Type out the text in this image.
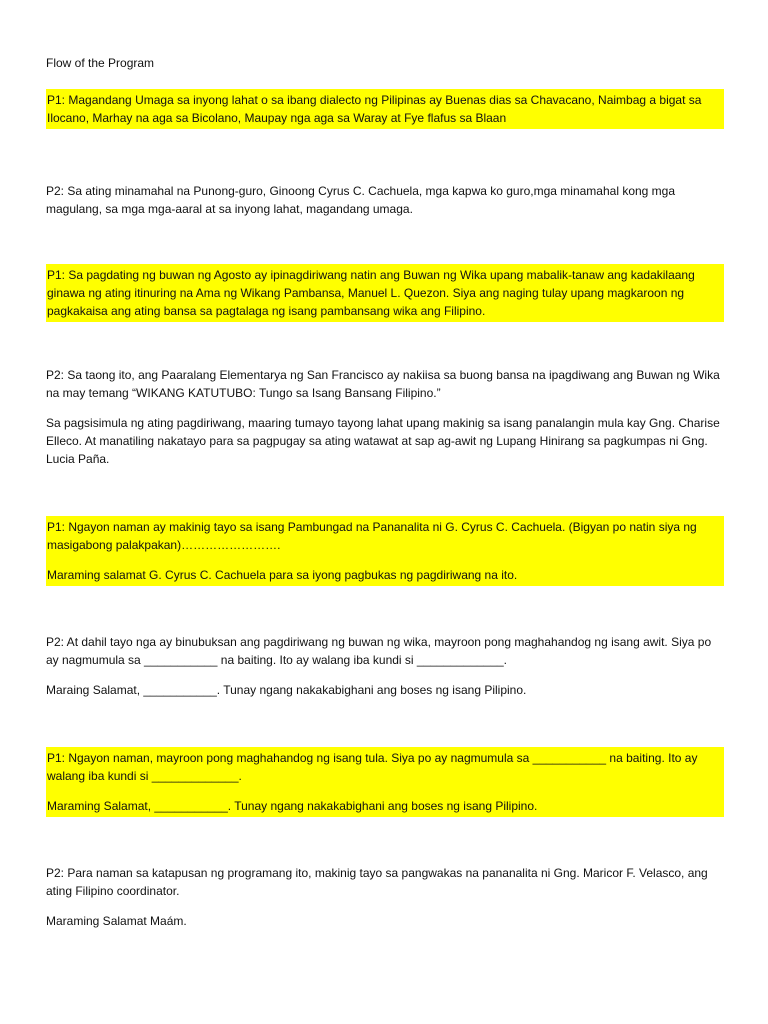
Flow of the Program

P1: Magandang Umaga sa inyong lahat o sa ibang dialecto ng Pilipinas ay Buenas dias sa Chavacano, Naimbag a bigat sa Ilocano, Marhay na aga sa Bicolano, Maupay nga aga sa Waray at Fye flafus sa Blaan

P2: Sa ating minamahal na Punong-guro, Ginoong Cyrus C. Cachuela, mga kapwa ko guro,mga minamahal kong mga magulang, sa mga mga-aaral at sa inyong lahat, magandang umaga.

P1: Sa pagdating ng buwan ng Agosto ay ipinagdiriwang natin ang Buwan ng Wika upang mabalik-tanaw ang kadakilaang ginawa ng ating itinuring na Ama ng Wikang Pambansa, Manuel L. Quezon. Siya ang naging tulay upang magkaroon ng pagkakaisa ang ating bansa sa pagtalaga ng isang pambansang wika ang Filipino.

P2: Sa taong ito, ang Paaralang Elementarya ng San Francisco ay nakiisa sa buong bansa na ipagdiwang ang Buwan ng Wika na may temang “WIKANG KATUTUBO: Tungo sa Isang Bansang Filipino.”

Sa pagsisimula ng ating pagdiriwang, maaring tumayo tayong lahat upang makinig sa isang panalangin mula kay Gng. Charise Elleco. At manatiling nakatayo para sa pagpugay sa ating watawat at sap ag-awit ng Lupang Hinirang sa pagkumpas ni Gng. Lucia Paña.

P1: Ngayon naman ay makinig tayo sa isang Pambungad na Pananalita ni G. Cyrus C. Cachuela. (Bigyan po natin siya ng masigabong palakpakan)…………………….

Maraming salamat G. Cyrus C. Cachuela para sa iyong pagbukas ng pagdiriwang na ito.

P2: At dahil tayo nga ay binubuksan ang pagdiriwang ng buwan ng wika, mayroon pong maghahandog ng isang awit. Siya po ay nagmumula sa ___________ na baiting. Ito ay walang iba kundi si _____________.

Maraing Salamat, ___________. Tunay ngang nakakabighani ang boses ng isang Pilipino.

P1: Ngayon naman, mayroon pong maghahandog ng isang tula. Siya po ay nagmumula sa ___________ na baiting. Ito ay walang iba kundi si _____________.

Maraming Salamat, ___________. Tunay ngang nakakabighani ang boses ng isang Pilipino.

P2: Para naman sa katapusan ng programang ito, makinig tayo sa pangwakas na pananalita ni Gng. Maricor F. Velasco, ang ating Filipino coordinator.

Maraming Salamat Maám.
